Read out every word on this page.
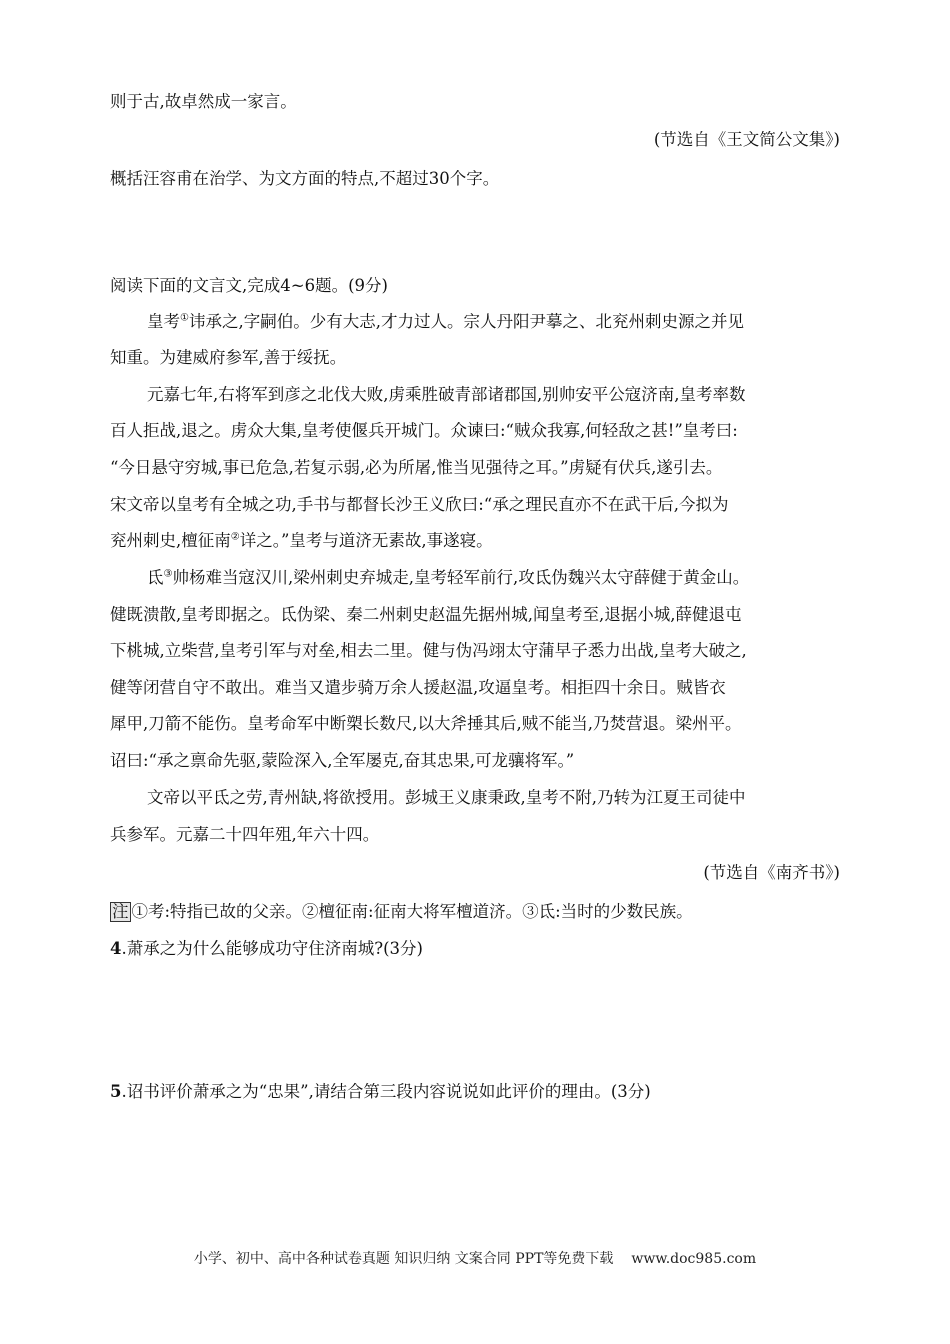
则于古,故卓然成一家言。
(节选自《王文简公文集》)
概括汪容甫在治学、为文方面的特点,不超过30个字。
阅读下面的文言文,完成4~6题。(9分)
皇考①讳承之,字嗣伯。少有大志,才力过人。宗人丹阳尹摹之、北兖州刺史源之并见
知重。为建威府参军,善于绥抚。
元嘉七年,右将军到彦之北伐大败,虏乘胜破青部诸郡国,别帅安平公寇济南,皇考率数
百人拒战,退之。虏众大集,皇考使偃兵开城门。众谏曰:“贼众我寡,何轻敌之甚!”皇考曰:
“今日悬守穷城,事已危急,若复示弱,必为所屠,惟当见强待之耳。”虏疑有伏兵,遂引去。
宋文帝以皇考有全城之功,手书与都督长沙王义欣曰:“承之理民直亦不在武干后,今拟为
兖州刺史,檀征南②详之。”皇考与道济无素故,事遂寝。
氐③帅杨难当寇汉川,梁州刺史弃城走,皇考轻军前行,攻氐伪魏兴太守薛健于黄金山。
健既溃散,皇考即据之。氐伪梁、秦二州刺史赵温先据州城,闻皇考至,退据小城,薛健退屯
下桃城,立柴营,皇考引军与对垒,相去二里。健与伪冯翊太守蒲早子悉力出战,皇考大破之,
健等闭营自守不敢出。难当又遣步骑万余人援赵温,攻逼皇考。相拒四十余日。贼皆衣
犀甲,刀箭不能伤。皇考命军中断槊长数尺,以大斧捶其后,贼不能当,乃焚营退。梁州平。
诏曰:“承之禀命先驱,蒙险深入,全军屡克,奋其忠果,可龙骧将军。”
文帝以平氐之劳,青州缺,将欲授用。彭城王义康秉政,皇考不附,乃转为江夏王司徒中
兵参军。元嘉二十四年殂,年六十四。
(节选自《南齐书》)
注 ①考:特指已故的父亲。②檀征南:征南大将军檀道济。③氐:当时的少数民族。
4.萧承之为什么能够成功守住济南城?(3分)
5.诏书评价萧承之为“忠果”,请结合第三段内容说说如此评价的理由。(3分)
小学、初中、高中各种试卷真题 知识归纳 文案合同 PPT等免费下载 www.doc985.com
